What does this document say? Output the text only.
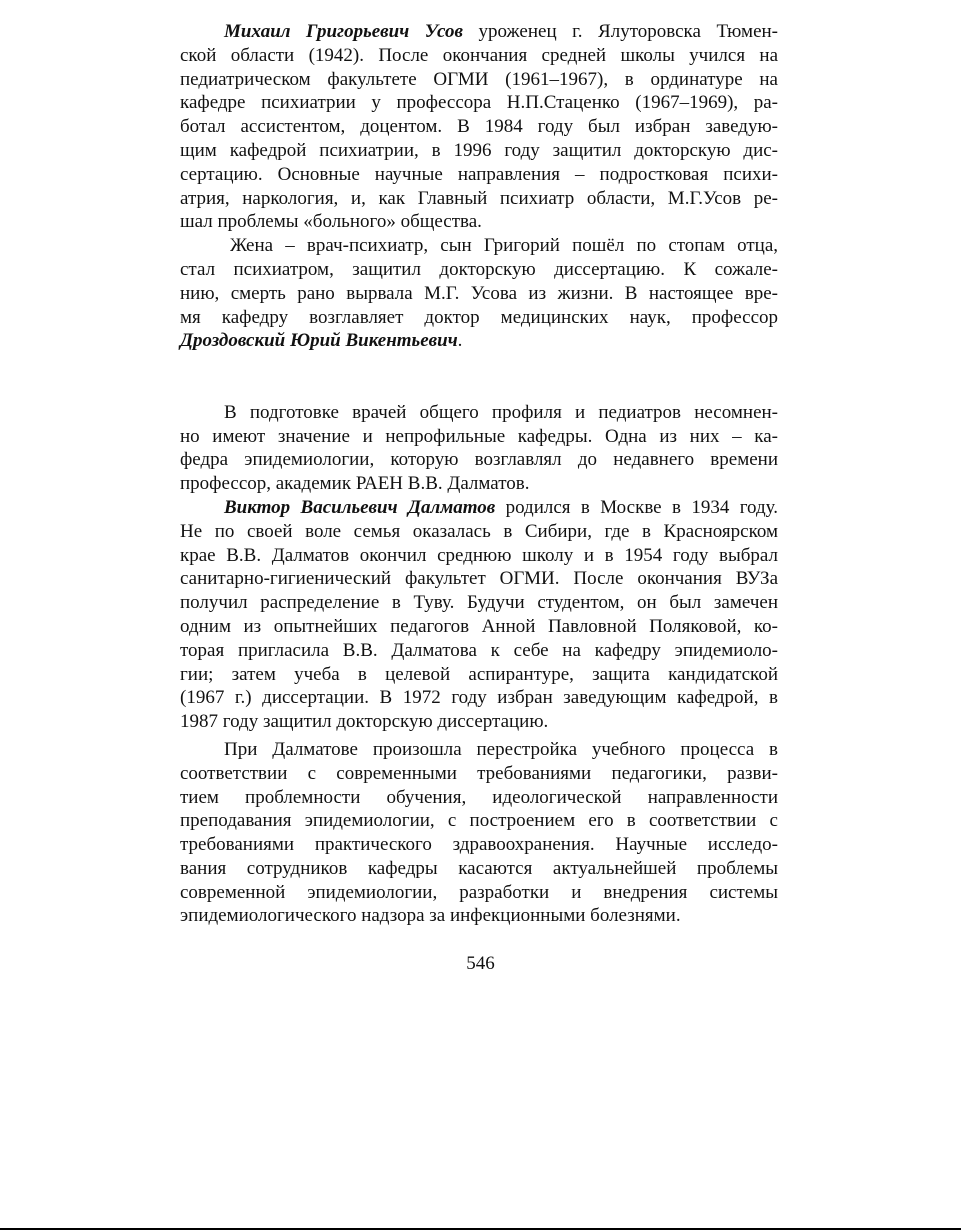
Михаил Григорьевич Усов уроженец г. Ялуторовска Тюмен-
ской области (1942). После окончания средней школы учился на
педиатрическом факультете ОГМИ (1961–1967), в ординатуре на
кафедре психиатрии у профессора Н.П.Стаценко (1967–1969), ра-
ботал ассистентом, доцентом. В 1984 году был избран заведую-
щим кафедрой психиатрии, в 1996 году защитил докторскую дис-
сертацию. Основные научные направления – подростковая психи-
атрия, наркология, и, как Главный психиатр области, М.Г.Усов ре-
шал проблемы «больного» общества.
Жена – врач-психиатр, сын Григорий пошёл по стопам отца,
стал психиатром, защитил докторскую диссертацию. К сожале-
нию, смерть рано вырвала М.Г. Усова из жизни. В настоящее вре-
мя кафедру возглавляет доктор медицинских наук, профессор
Дроздовский Юрий Викентьевич.
В подготовке врачей общего профиля и педиатров несомнен-
но имеют значение и непрофильные кафедры. Одна из них – ка-
федра эпидемиологии, которую возглавлял до недавнего времени
профессор, академик РАЕН В.В. Далматов.
Виктор Васильевич Далматов родился в Москве в 1934 году.
Не по своей воле семья оказалась в Сибири, где в Красноярском
крае В.В. Далматов окончил среднюю школу и в 1954 году выбрал
санитарно-гигиенический факультет ОГМИ. После окончания ВУЗа
получил распределение в Туву. Будучи студентом, он был замечен
одним из опытнейших педагогов Анной Павловной Поляковой, ко-
торая пригласила В.В. Далматова к себе на кафедру эпидемиоло-
гии; затем учеба в целевой аспирантуре, защита кандидатской
(1967 г.) диссертации. В 1972 году избран заведующим кафедрой, в
1987 году защитил докторскую диссертацию.
При Далматове произошла перестройка учебного процесса в
соответствии с современными требованиями педагогики, разви-
тием проблемности обучения, идеологической направленности
преподавания эпидемиологии, с построением его в соответствии с
требованиями практического здравоохранения. Научные исследо-
вания сотрудников кафедры касаются актуальнейшей проблемы
современной эпидемиологии, разработки и внедрения системы
эпидемиологического надзора за инфекционными болезнями.
546
